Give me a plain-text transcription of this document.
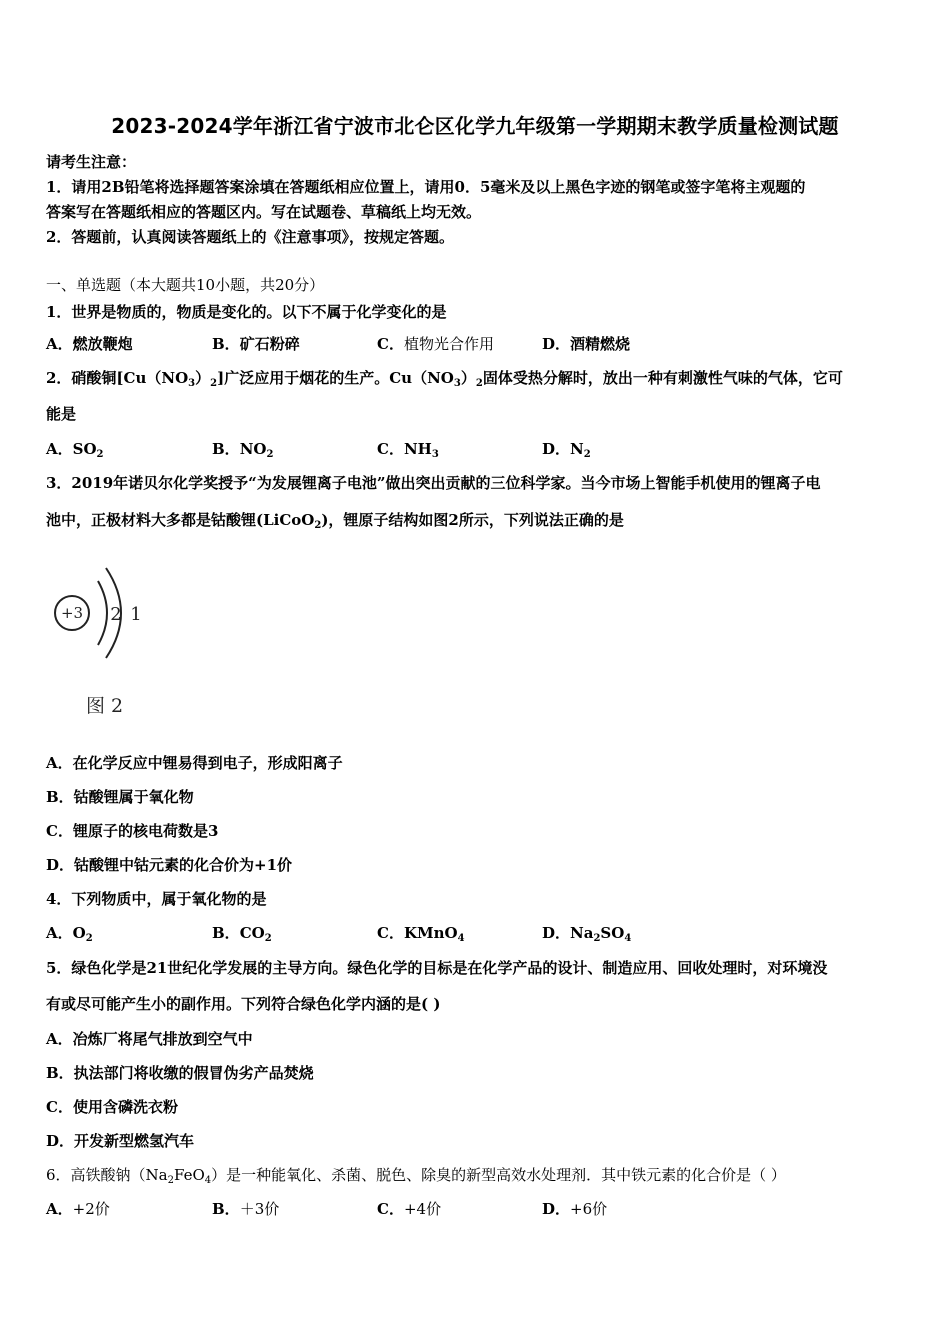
2023-2024学年浙江省宁波市北仑区化学九年级第一学期期末教学质量检测试题
请考生注意：
1．请用2B铅笔将选择题答案涂填在答题纸相应位置上，请用0．5毫米及以上黑色字迹的钢笔或签字笔将主观题的
答案写在答题纸相应的答题区内。写在试题卷、草稿纸上均无效。
2．答题前，认真阅读答题纸上的《注意事项》，按规定答题。
一、单选题（本大题共10小题，共20分）
1．世界是物质的，物质是变化的。以下不属于化学变化的是
A．燃放鞭炮	B．矿石粉碎	C．植物光合作用	D．酒精燃烧
2．硝酸铜$[Cu(NO_3)_2]$广泛应用于烟花的生产。$Cu(NO_3)_2$固体受热分解时，放出一种有刺激性气味的气体，它可
能是
A．$SO_2$	B．$NO_2$	C．$NH_3$	D．$N_2$
3．2019年诺贝尔化学奖授予“为发展锂离子电池”做出突出贡献的三位科学家。当今市场上智能手机使用的锂离子电
池中，正极材料大多都是钴酸锂(LiCoO$_2$)，锂原子结构如图2所示，下列说法正确的是
+3 2 1
图 2
A．在化学反应中锂易得到电子，形成阳离子
B．钴酸锂属于氧化物
C．锂原子的核电荷数是3
D．钴酸锂中钴元素的化合价为+1价
4．下列物质中，属于氧化物的是
A．$O_2$	B．$CO_2$	C．KMnO$_4$	D．$Na_2SO_4$
5．绿色化学是21世纪化学发展的主导方向。绿色化学的目标是在化学产品的设计、制造应用、回收处理时，对环境没
有或尽可能产生小的副作用。下列符合绿色化学内涵的是( )
A．冶炼厂将尾气排放到空气中
B．执法部门将收缴的假冒伪劣产品焚烧
C．使用含磷洗衣粉
D．开发新型燃氢汽车
6．高铁酸钠$(Na_2FeO_4)$是一种能氧化、杀菌、脱色、除臭的新型高效水处理剂．其中铁元素的化合价是（ ）
A．+2价	B．＋3价	C．+4价	D．+6价
